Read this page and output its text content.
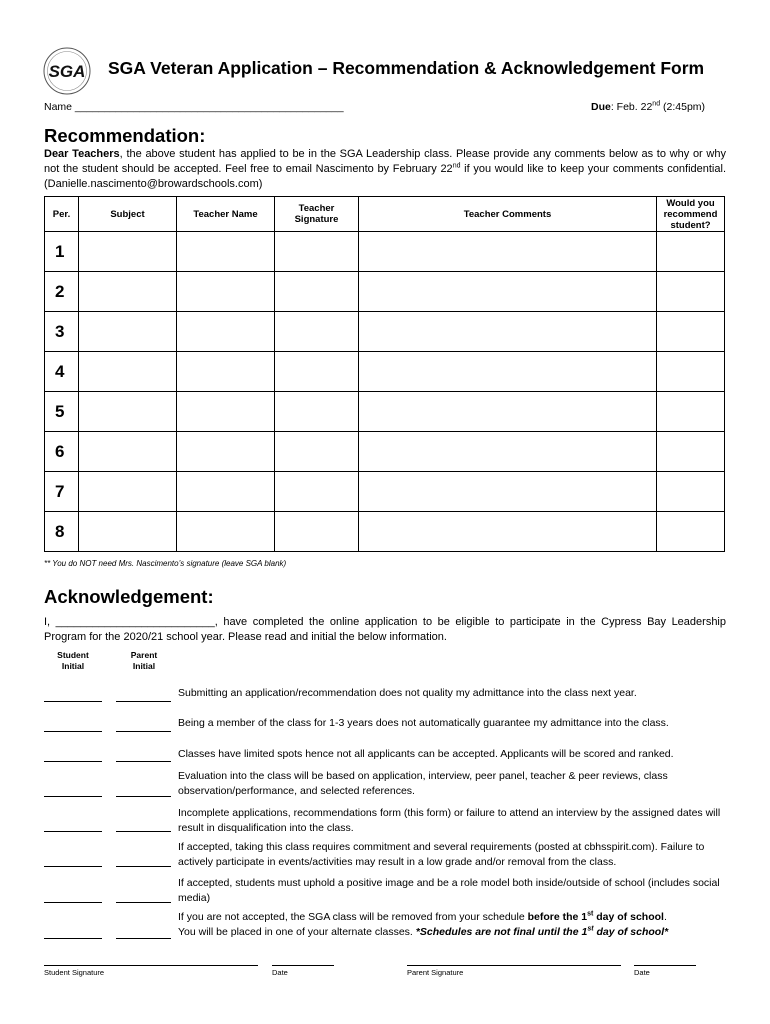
SGA SGA Veteran Application – Recommendation & Acknowledgement Form
Name ______________________________________________	Due: Feb. 22nd (2:45pm)
Recommendation:
Dear Teachers, the above student has applied to be in the SGA Leadership class. Please provide any comments below as to why or why not the student should be accepted. Feel free to email Nascimento by February 22nd if you would like to keep your comments confidential. (Danielle.nascimento@browardschools.com)
Per.	Subject	Teacher Name	Teacher Signature	Teacher Comments	Would you recommend student?
1					
2					
3					
4					
5					
6					
7					
8					
** You do NOT need Mrs. Nascimento’s signature (leave SGA blank)
Acknowledgement:
I, __________________________, have completed the online application to be eligible to participate in the Cypress Bay Leadership Program for the 2020/21 school year. Please read and initial the below information.
Student Initial
Parent Initial
Submitting an application/recommendation does not quality my admittance into the class next year.
Being a member of the class for 1-3 years does not automatically guarantee my admittance into the class.
Classes have limited spots hence not all applicants can be accepted. Applicants will be scored and ranked.
Evaluation into the class will be based on application, interview, peer panel, teacher & peer reviews, class observation/performance, and selected references.
Incomplete applications, recommendations form (this form) or failure to attend an interview by the assigned dates will result in disqualification into the class.
If accepted, taking this class requires commitment and several requirements (posted at cbhsspirit.com). Failure to actively participate in events/activities may result in a low grade and/or removal from the class.
If accepted, students must uphold a positive image and be a role model both inside/outside of school (includes social media)
If you are not accepted, the SGA class will be removed from your schedule before the 1st day of school.
You will be placed in one of your alternate classes. *Schedules are not final until the 1st day of school*
Student Signature	Date	Parent Signature	Date
